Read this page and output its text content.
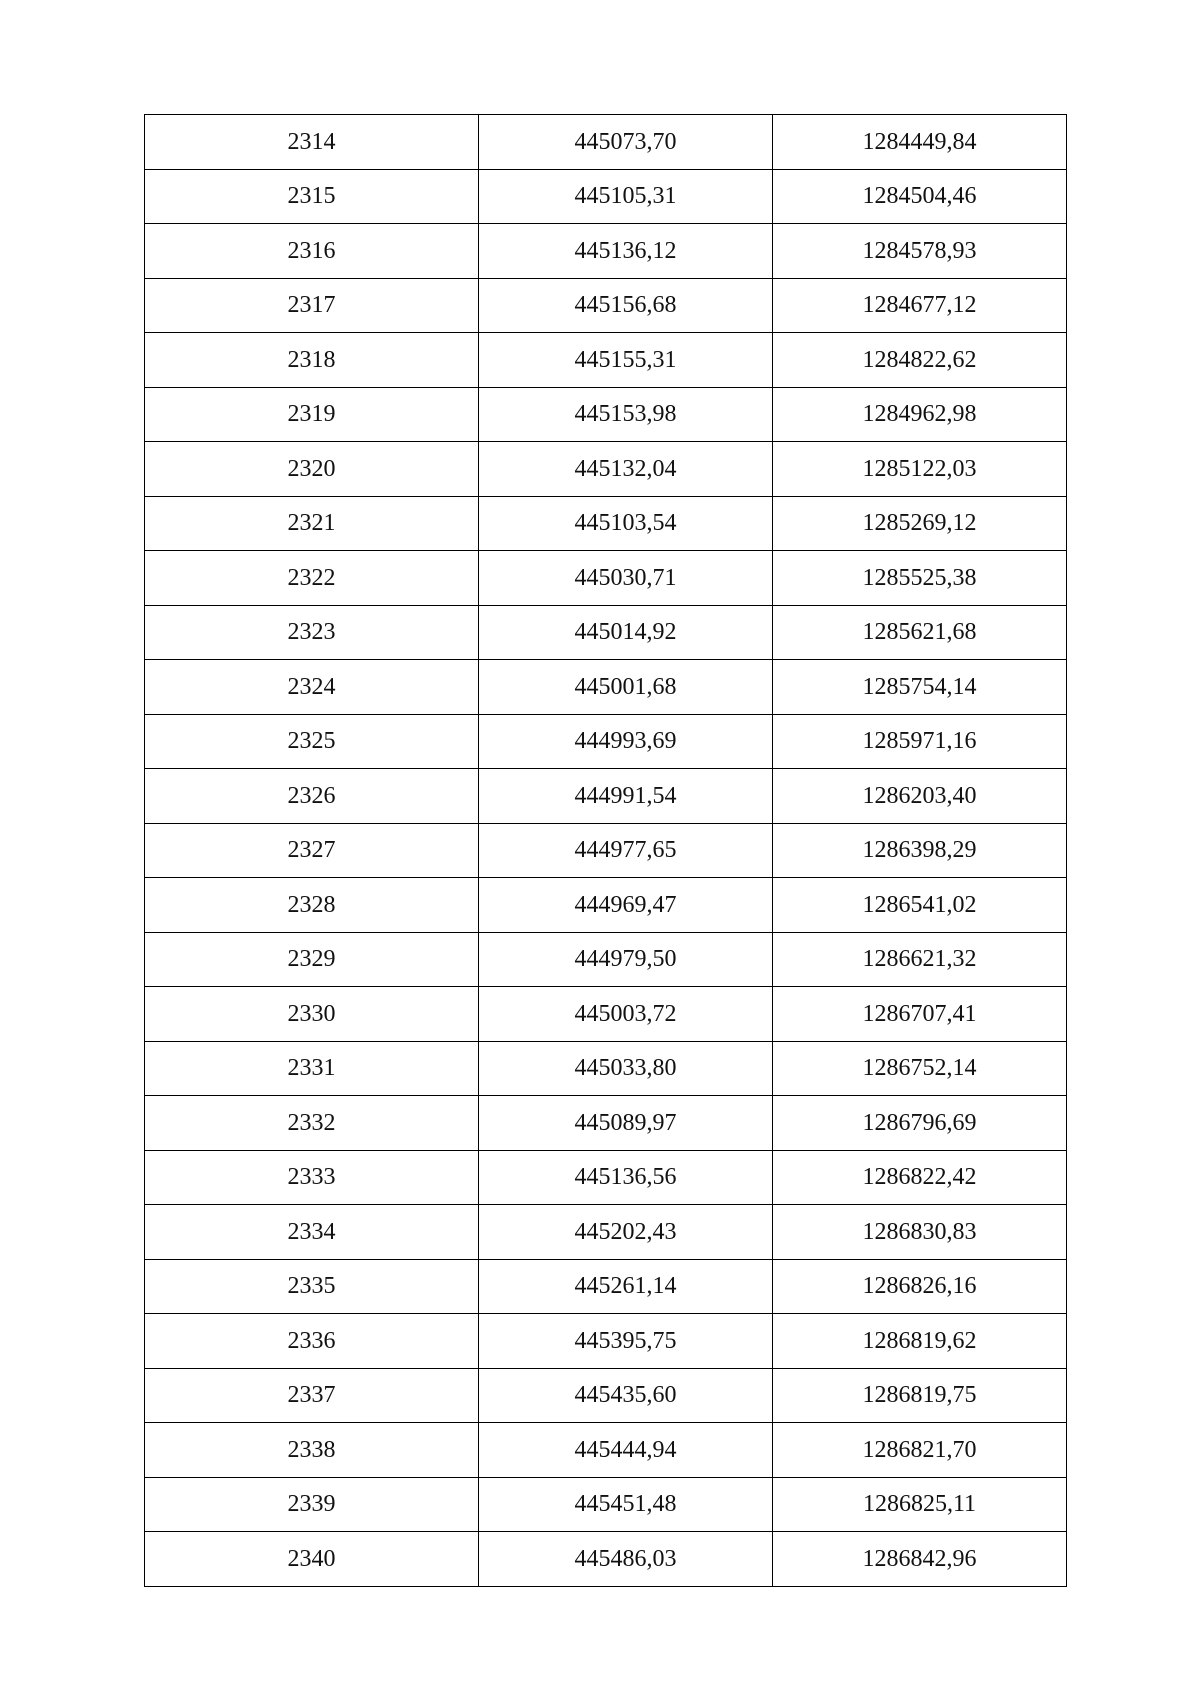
2314	445073,70	1284449,84
2315	445105,31	1284504,46
2316	445136,12	1284578,93
2317	445156,68	1284677,12
2318	445155,31	1284822,62
2319	445153,98	1284962,98
2320	445132,04	1285122,03
2321	445103,54	1285269,12
2322	445030,71	1285525,38
2323	445014,92	1285621,68
2324	445001,68	1285754,14
2325	444993,69	1285971,16
2326	444991,54	1286203,40
2327	444977,65	1286398,29
2328	444969,47	1286541,02
2329	444979,50	1286621,32
2330	445003,72	1286707,41
2331	445033,80	1286752,14
2332	445089,97	1286796,69
2333	445136,56	1286822,42
2334	445202,43	1286830,83
2335	445261,14	1286826,16
2336	445395,75	1286819,62
2337	445435,60	1286819,75
2338	445444,94	1286821,70
2339	445451,48	1286825,11
2340	445486,03	1286842,96
